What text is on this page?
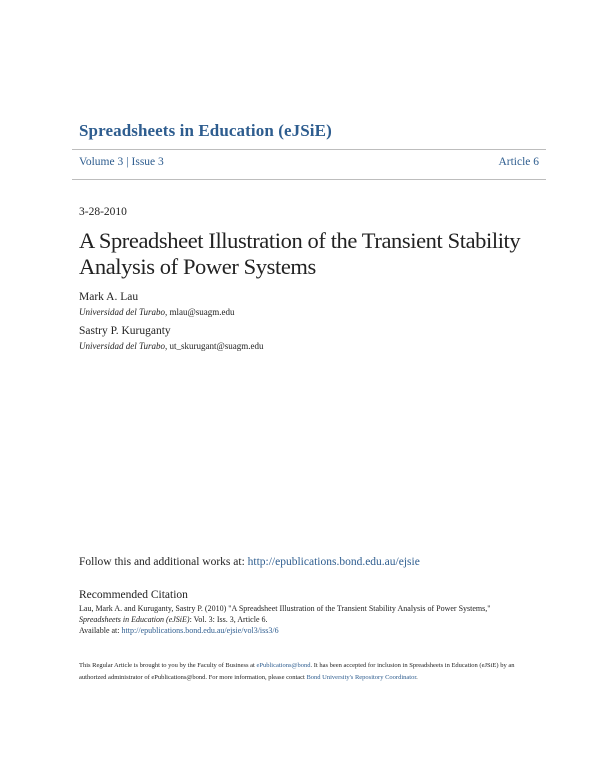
Spreadsheets in Education (eJSiE)
Volume 3 | Issue 3	Article 6
3-28-2010
A Spreadsheet Illustration of the Transient Stability Analysis of Power Systems
Mark A. Lau
Universidad del Turabo, mlau@suagm.edu
Sastry P. Kuruganty
Universidad del Turabo, ut_skurugant@suagm.edu
Follow this and additional works at: http://epublications.bond.edu.au/ejsie
Recommended Citation
Lau, Mark A. and Kuruganty, Sastry P. (2010) "A Spreadsheet Illustration of the Transient Stability Analysis of Power Systems,"
Spreadsheets in Education (eJSiE): Vol. 3: Iss. 3, Article 6.
Available at: http://epublications.bond.edu.au/ejsie/vol3/iss3/6
This Regular Article is brought to you by the Faculty of Business at ePublications@bond. It has been accepted for inclusion in Spreadsheets in Education (eJSiE) by an authorized administrator of ePublications@bond. For more information, please contact Bond University's Repository Coordinator.
